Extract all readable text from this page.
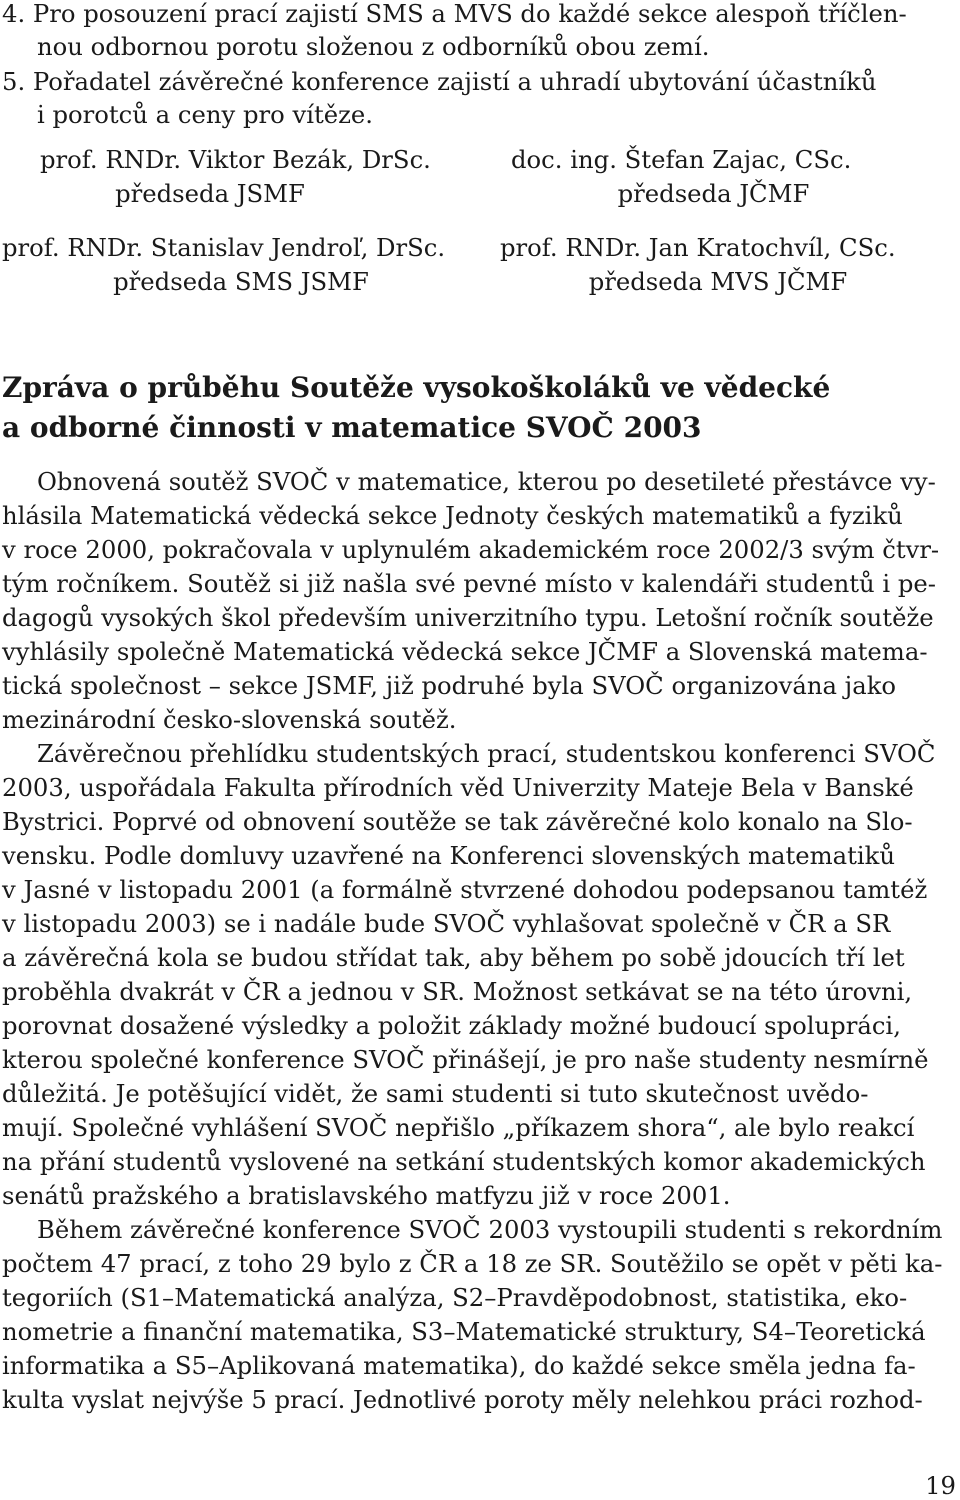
4. Pro posouzení prací zajistí SMS a MVS do každé sekce alespoň tříčlen-
nou odbornou porotu složenou z odborníků obou zemí.
5. Pořadatel závěrečné konference zajistí a uhradí ubytování účastníků
i porotců a ceny pro vítěze.
prof. RNDr. Viktor Bezák, DrSc.
předseda JSMF
doc. ing. Štefan Zajac, CSc.
předseda JČMF
prof. RNDr. Stanislav Jendroľ, DrSc.
předseda SMS JSMF
prof. RNDr. Jan Kratochvíl, CSc.
předseda MVS JČMF
Zpráva o průběhu Soutěže vysokoškoláků ve vědecké
a odborné činnosti v matematice SVOČ 2003
Obnovená soutěž SVOČ v matematice, kterou po desetileté přestávce vy-
hlásila Matematická vědecká sekce Jednoty českých matematiků a fyziků
v roce 2000, pokračovala v uplynulém akademickém roce 2002/3 svým čtvr-
tým ročníkem. Soutěž si již našla své pevné místo v kalendáři studentů i pe-
dagogů vysokých škol především univerzitního typu. Letošní ročník soutěže
vyhlásily společně Matematická vědecká sekce JČMF a Slovenská matema-
tická společnost – sekce JSMF, již podruhé byla SVOČ organizována jako
mezinárodní česko-slovenská soutěž.
Závěrečnou přehlídku studentských prací, studentskou konferenci SVOČ
2003, uspořádala Fakulta přírodních věd Univerzity Mateje Bela v Banské
Bystrici. Poprvé od obnovení soutěže se tak závěrečné kolo konalo na Slo-
vensku. Podle domluvy uzavřené na Konferenci slovenských matematiků
v Jasné v listopadu 2001 (a formálně stvrzené dohodou podepsanou tamtéž
v listopadu 2003) se i nadále bude SVOČ vyhlašovat společně v ČR a SR
a závěrečná kola se budou střídat tak, aby během po sobě jdoucích tří let
proběhla dvakrát v ČR a jednou v SR. Možnost setkávat se na této úrovni,
porovnat dosažené výsledky a položit základy možné budoucí spolupráci,
kterou společné konference SVOČ přinášejí, je pro naše studenty nesmírně
důležitá. Je potěšující vidět, že sami studenti si tuto skutečnost uvědo-
mují. Společné vyhlášení SVOČ nepřišlo „příkazem shora“, ale bylo reakcí
na přání studentů vyslovené na setkání studentských komor akademických
senátů pražského a bratislavského matfyzu již v roce 2001.
Během závěrečné konference SVOČ 2003 vystoupili studenti s rekordním
počtem 47 prací, z toho 29 bylo z ČR a 18 ze SR. Soutěžilo se opět v pěti ka-
tegoriích (S1–Matematická analýza, S2–Pravděpodobnost, statistika, eko-
nometrie a finanční matematika, S3–Matematické struktury, S4–Teoretická
informatika a S5–Aplikovaná matematika), do každé sekce směla jedna fa-
kulta vyslat nejvýše 5 prací. Jednotlivé poroty měly nelehkou práci rozhod-
19
